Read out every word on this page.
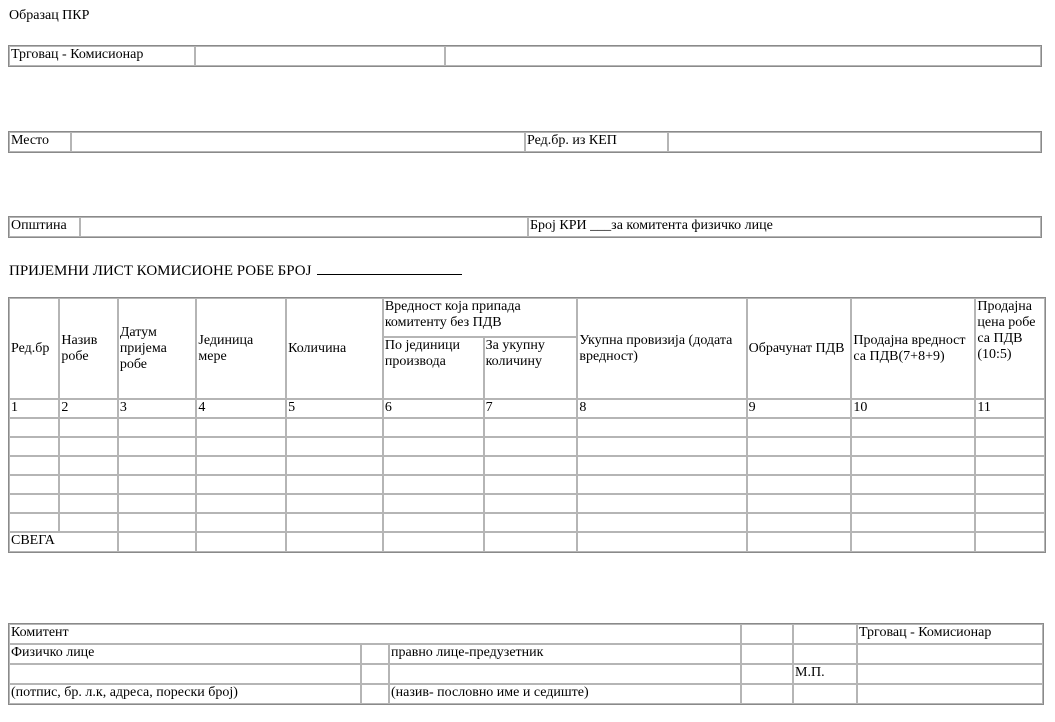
Образац ПКР
Трговац - Комисионар		
Место		Ред.бр. из КЕП	
Општина		Број КРИ ___за комитента физичко лице
ПРИЈЕМНИ ЛИСТ КОМИСИОНЕ РОБЕ БРОЈ
Ред.бр	Назив робе	Датум пријема робе	Јединица мере	Количина	Вредност која припада комитенту без ПДВ		Укупна провизија (додата вредност)	Обрачунат ПДВ	Продајна вредност са ПДВ(7+8+9)	Продајна цена робе са ПДВ (10:5)
					По јединици производа	За укупну количину				
1	2	3	4	5	6	7	8	9	10	11

СВЕГА										
Комитент					Трговац - Комисионар
Физичко лице		правно лице-предузетник			
				М.П.	
(потпис, бр. л.к, адреса, порески број)		(назив- пословно име и седиште)			
